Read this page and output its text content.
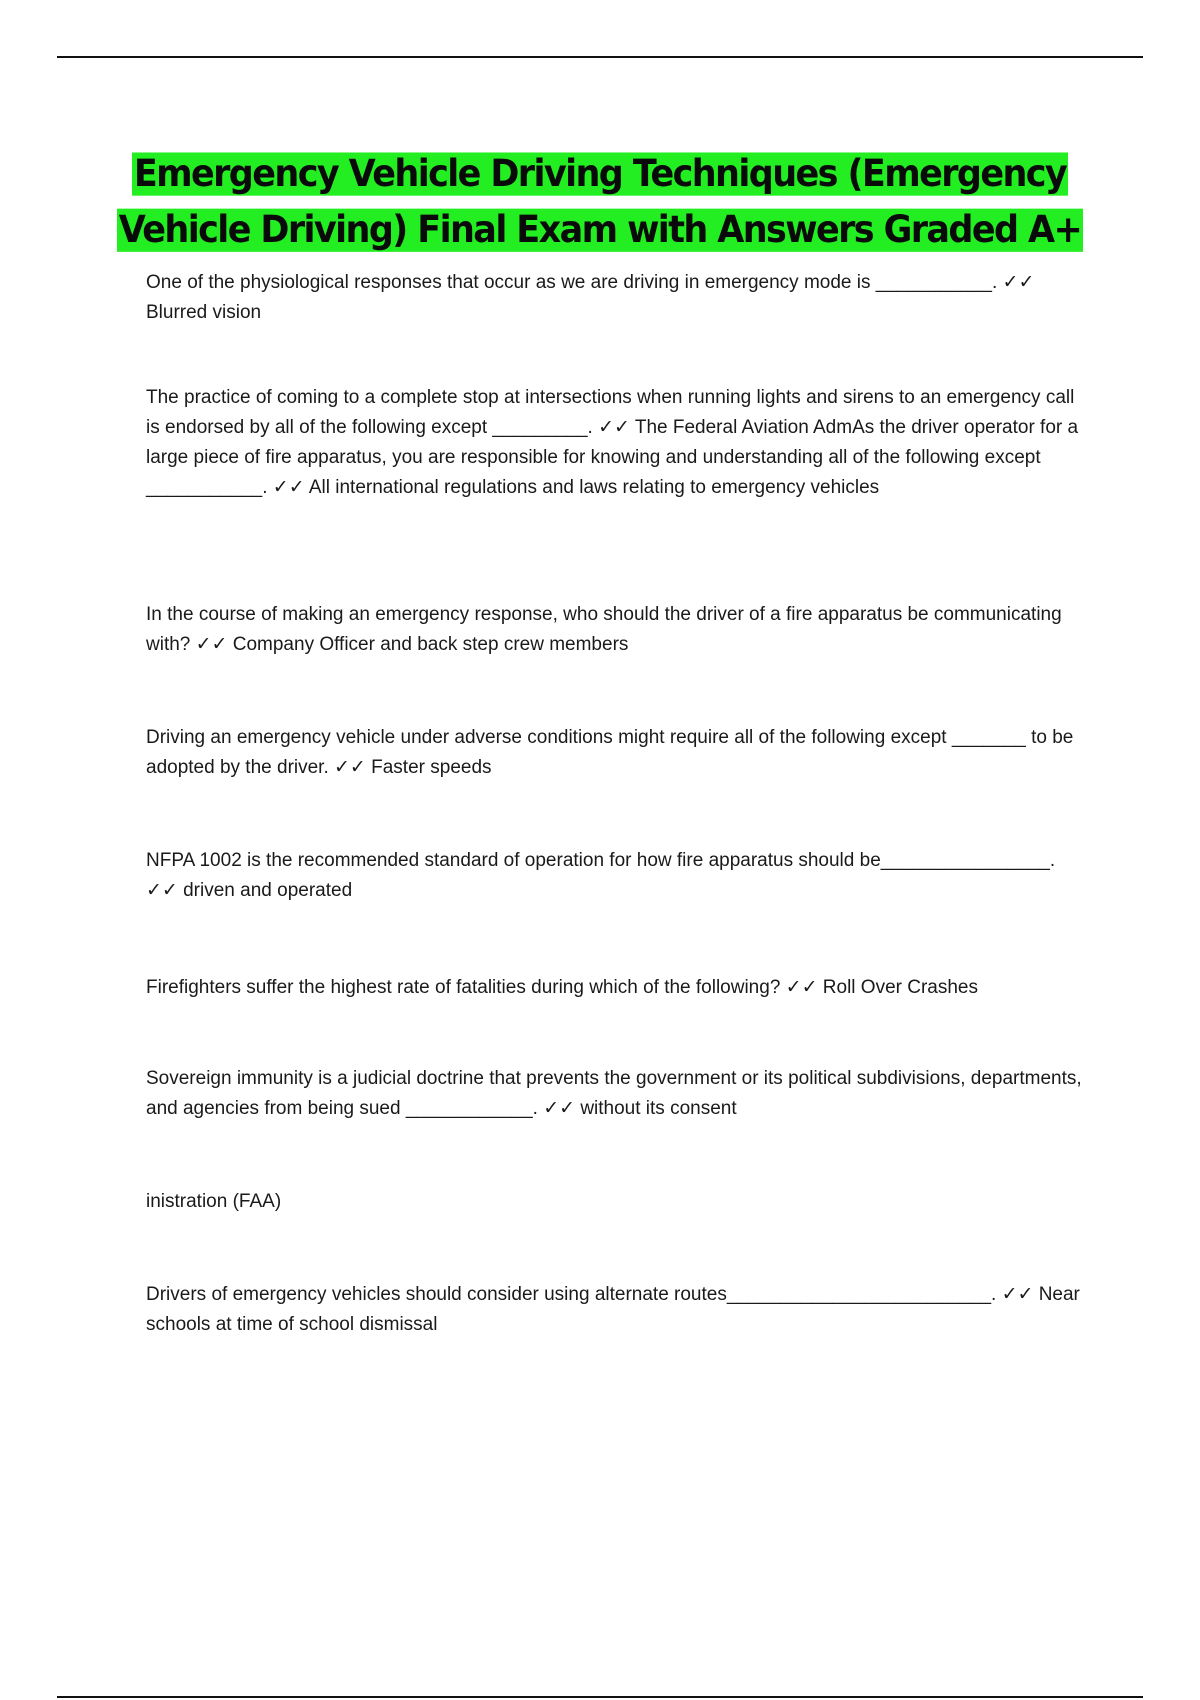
Emergency Vehicle Driving Techniques (Emergency Vehicle Driving) Final Exam with Answers Graded A+

One of the physiological responses that occur as we are driving in emergency mode is ___________. ✓✓ Blurred vision

The practice of coming to a complete stop at intersections when running lights and sirens to an emergency call is endorsed by all of the following except _________. ✓✓ The Federal Aviation AdmAs the driver operator for a large piece of fire apparatus, you are responsible for knowing and understanding all of the following except ___________. ✓✓ All international regulations and laws relating to emergency vehicles

In the course of making an emergency response, who should the driver of a fire apparatus be communicating with? ✓✓ Company Officer and back step crew members

Driving an emergency vehicle under adverse conditions might require all of the following except _______ to be adopted by the driver. ✓✓ Faster speeds

NFPA 1002 is the recommended standard of operation for how fire apparatus should be________________. ✓✓ driven and operated

Firefighters suffer the highest rate of fatalities during which of the following? ✓✓ Roll Over Crashes

Sovereign immunity is a judicial doctrine that prevents the government or its political subdivisions, departments, and agencies from being sued ____________. ✓✓ without its consent

inistration (FAA)

Drivers of emergency vehicles should consider using alternate routes_________________________. ✓✓ Near schools at time of school dismissal
